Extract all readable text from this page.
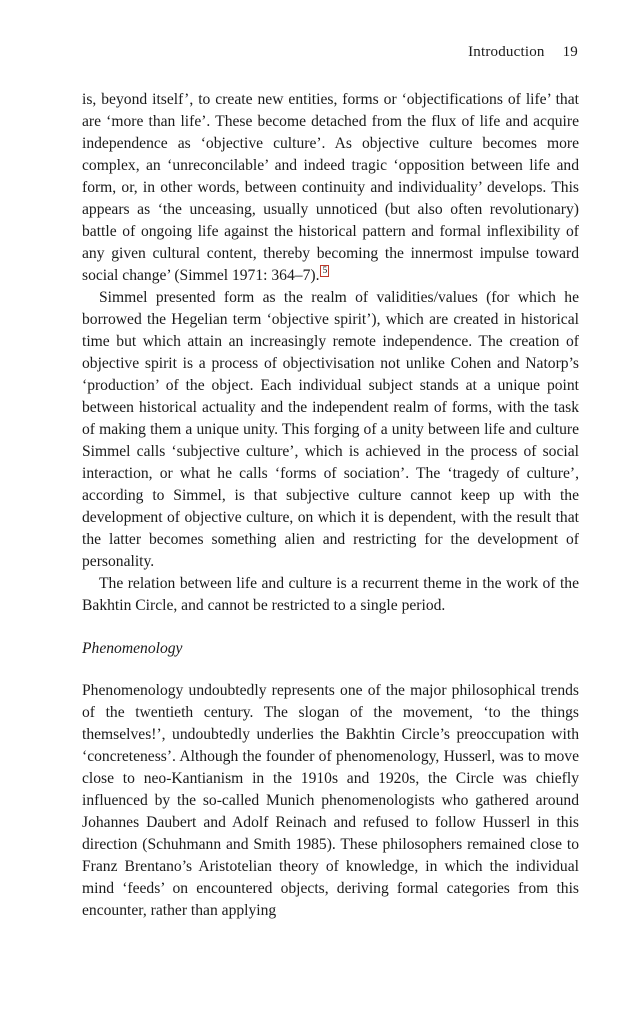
Introduction 19

is, beyond itself’, to create new entities, forms or ‘objectifications of life’ that are ‘more than life’. These become detached from the flux of life and acquire independence as ‘objective culture’. As objective culture becomes more complex, an ‘unreconcilable’ and indeed tragic ‘opposition between life and form, or, in other words, between continuity and individuality’ develops. This appears as ‘the unceasing, usually unnoticed (but also often revolutionary) battle of ongoing life against the historical pattern and formal inflexibility of any given cultural content, thereby becoming the innermost impulse toward social change’ (Simmel 1971: 364–7). 5

Simmel presented form as the realm of validities/values (for which he borrowed the Hegelian term ‘objective spirit’), which are created in historical time but which attain an increasingly remote independence. The creation of objective spirit is a process of objectivisation not unlike Cohen and Natorp’s ‘production’ of the object. Each individual subject stands at a unique point between historical actuality and the independent realm of forms, with the task of making them a unique unity. This forging of a unity between life and culture Simmel calls ‘subjective culture’, which is achieved in the process of social interaction, or what he calls ‘forms of sociation’. The ‘tragedy of culture’, according to Simmel, is that subjective culture cannot keep up with the development of objective culture, on which it is dependent, with the result that the latter becomes something alien and restricting for the development of personality.

The relation between life and culture is a recurrent theme in the work of the Bakhtin Circle, and cannot be restricted to a single period.

Phenomenology

Phenomenology undoubtedly represents one of the major philosophical trends of the twentieth century. The slogan of the movement, ‘to the things themselves!’, undoubtedly underlies the Bakhtin Circle’s preoccupation with ‘concreteness’. Although the founder of phenomenology, Husserl, was to move close to neo-Kantianism in the 1910s and 1920s, the Circle was chiefly influenced by the so-called Munich phenomenologists who gathered around Johannes Daubert and Adolf Reinach and refused to follow Husserl in this direction (Schuhmann and Smith 1985). These philosophers remained close to Franz Brentano’s Aristotelian theory of knowledge, in which the individual mind ‘feeds’ on encountered objects, deriving formal categories from this encounter, rather than applying
